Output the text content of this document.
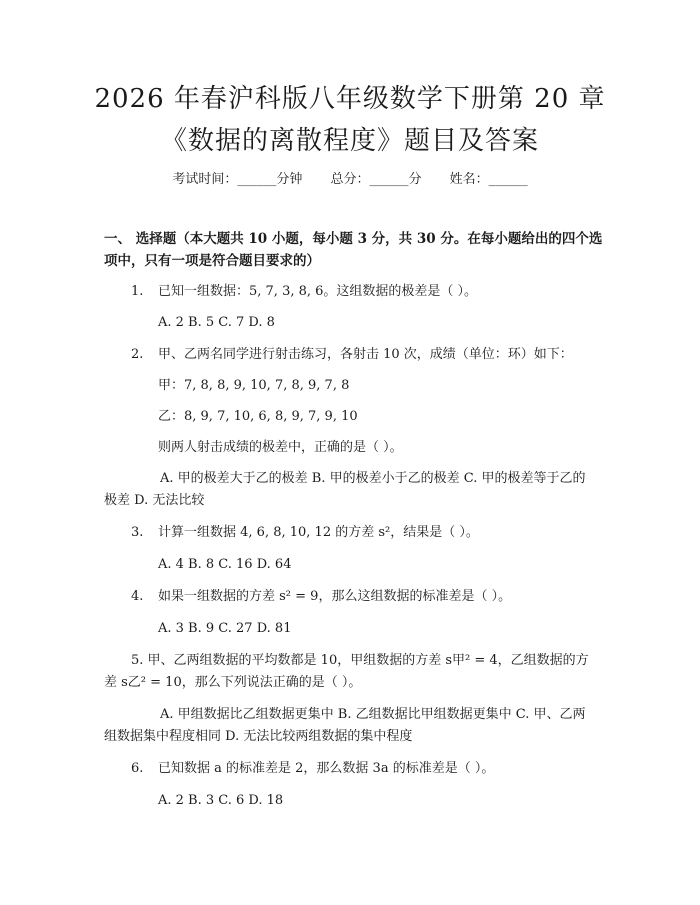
2026 年春沪科版八年级数学下册第 20 章
《数据的离散程度》题目及答案
考试时间：______分钟 总分：______分 姓名：______
一、 选择题（本大题共 10 小题，每小题 3 分，共 30 分。在每小题给出的四个选
项中，只有一项是符合题目要求的）
1. 已知一组数据：5, 7, 3, 8, 6。这组数据的极差是（ ）。
A. 2 B. 5 C. 7 D. 8
2. 甲、乙两名同学进行射击练习，各射击 10 次，成绩（单位：环）如下：
甲：7, 8, 8, 9, 10, 7, 8, 9, 7, 8
乙：8, 9, 7, 10, 6, 8, 9, 7, 9, 10
则两人射击成绩的极差中，正确的是（ ）。
A. 甲的极差大于乙的极差 B. 甲的极差小于乙的极差 C. 甲的极差等于乙的极差 D. 无法比较
3. 计算一组数据 4, 6, 8, 10, 12 的方差 s²，结果是（ ）。
A. 4 B. 8 C. 16 D. 64
4. 如果一组数据的方差 s² = 9，那么这组数据的标准差是（ ）。
A. 3 B. 9 C. 27 D. 81
5. 甲、乙两组数据的平均数都是 10，甲组数据的方差 s甲² = 4，乙组数据的方差 s乙² = 10，那么下列说法正确的是（ ）。
A. 甲组数据比乙组数据更集中 B. 乙组数据比甲组数据更集中 C. 甲、乙两组数据集中程度相同 D. 无法比较两组数据的集中程度
6. 已知数据 a 的标准差是 2，那么数据 3a 的标准差是（ ）。
A. 2 B. 3 C. 6 D. 18
